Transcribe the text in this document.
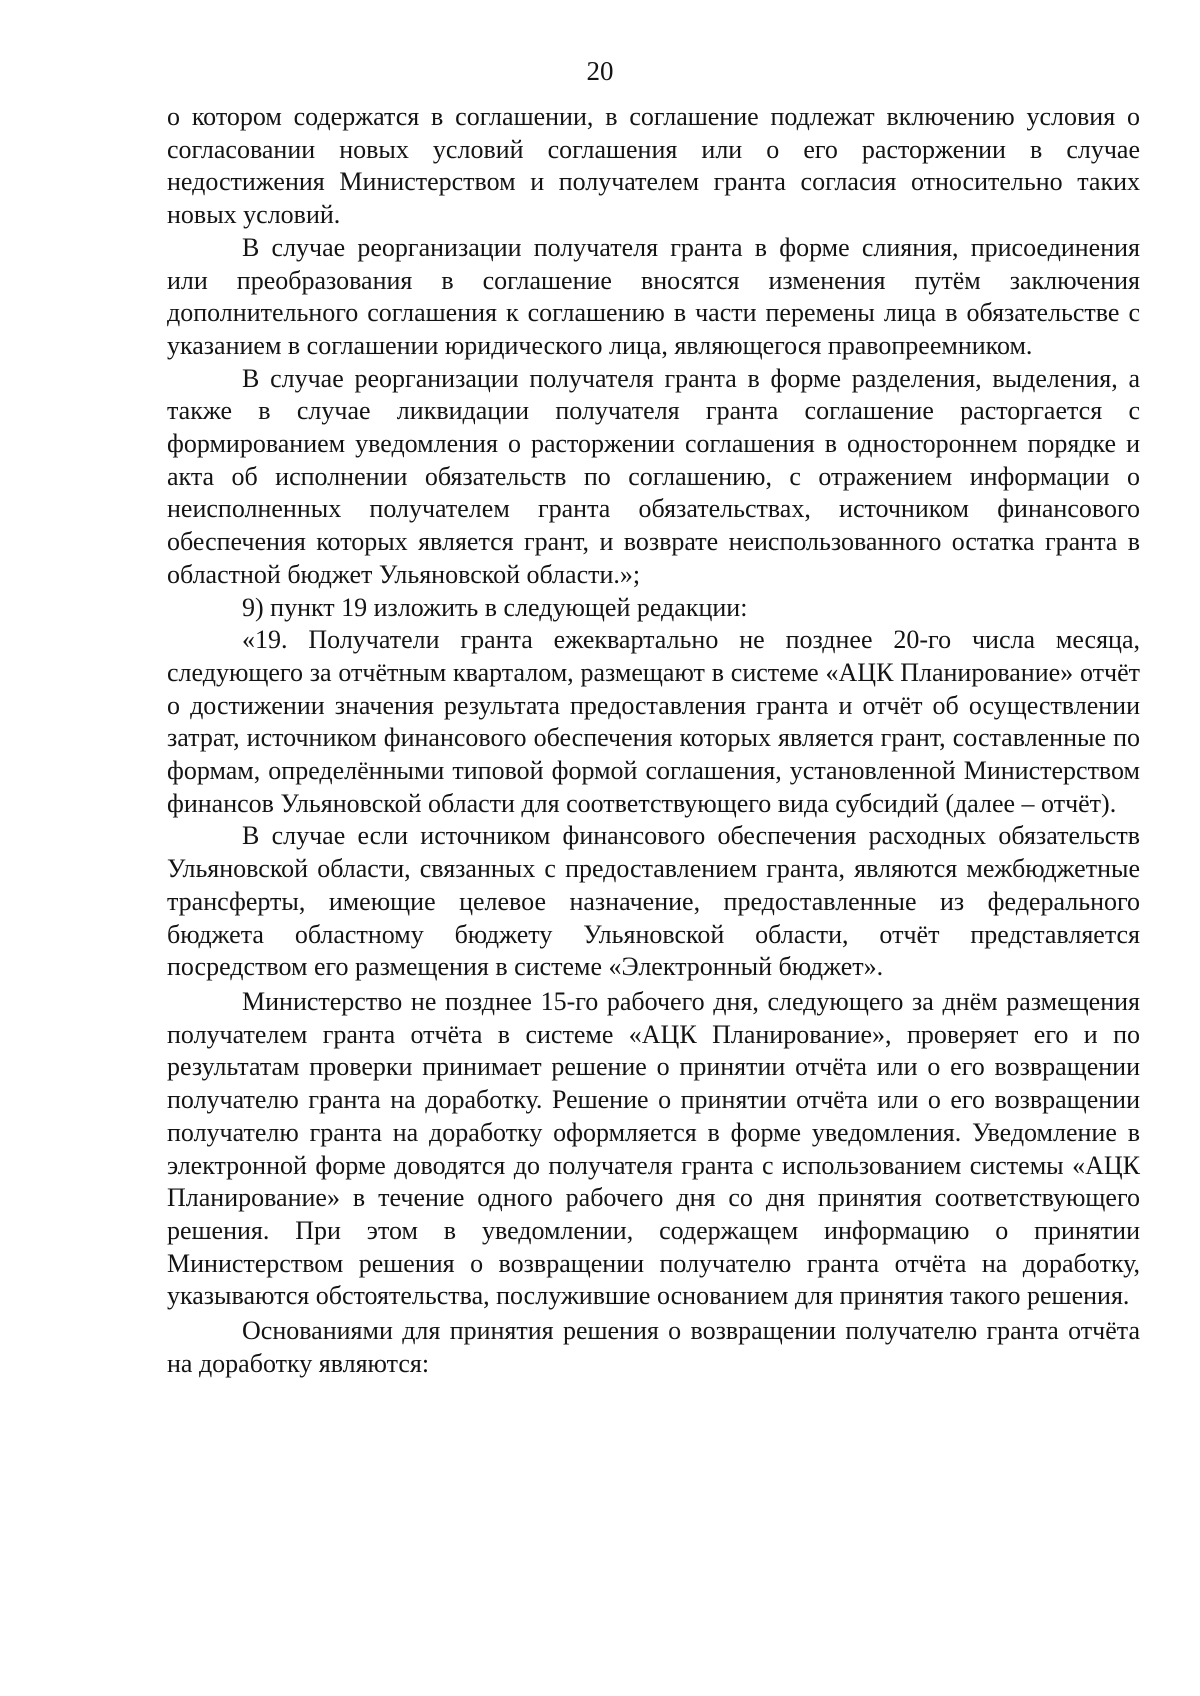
20

о котором содержатся в соглашении, в соглашение подлежат включению условия о согласовании новых условий соглашения или о его расторжении в случае недостижения Министерством и получателем гранта согласия относительно таких новых условий.

В случае реорганизации получателя гранта в форме слияния, присоединения или преобразования в соглашение вносятся изменения путём заключения дополнительного соглашения к соглашению в части перемены лица в обязательстве с указанием в соглашении юридического лица, являющегося правопреемником.

В случае реорганизации получателя гранта в форме разделения, выделения, а также в случае ликвидации получателя гранта соглашение расторгается с формированием уведомления о расторжении соглашения в одностороннем порядке и акта об исполнении обязательств по соглашению, с отражением информации о неисполненных получателем гранта обязательствах, источником финансового обеспечения которых является грант, и возврате неиспользованного остатка гранта в областной бюджет Ульяновской области.»;

9) пункт 19 изложить в следующей редакции:

«19. Получатели гранта ежеквартально не позднее 20-го числа месяца, следующего за отчётным кварталом, размещают в системе «АЦК Планирование» отчёт о достижении значения результата предоставления гранта и отчёт об осуществлении затрат, источником финансового обеспечения которых является грант, составленные по формам, определёнными типовой формой соглашения, установленной Министерством финансов Ульяновской области для соответствующего вида субсидий (далее – отчёт).

В случае если источником финансового обеспечения расходных обязательств Ульяновской области, связанных с предоставлением гранта, являются межбюджетные трансферты, имеющие целевое назначение, предоставленные из федерального бюджета областному бюджету Ульяновской области, отчёт представляется посредством его размещения в системе «Электронный бюджет».

Министерство не позднее 15-го рабочего дня, следующего за днём размещения получателем гранта отчёта в системе «АЦК Планирование», проверяет его и по результатам проверки принимает решение о принятии отчёта или о его возвращении получателю гранта на доработку. Решение о принятии отчёта или о его возвращении получателю гранта на доработку оформляется в форме уведомления. Уведомление в электронной форме доводятся до получателя гранта с использованием системы «АЦК Планирование» в течение одного рабочего дня со дня принятия соответствующего решения. При этом в уведомлении, содержащем информацию о принятии Министерством решения о возвращении получателю гранта отчёта на доработку, указываются обстоятельства, послужившие основанием для принятия такого решения.

Основаниями для принятия решения о возвращении получателю гранта отчёта на доработку являются:
